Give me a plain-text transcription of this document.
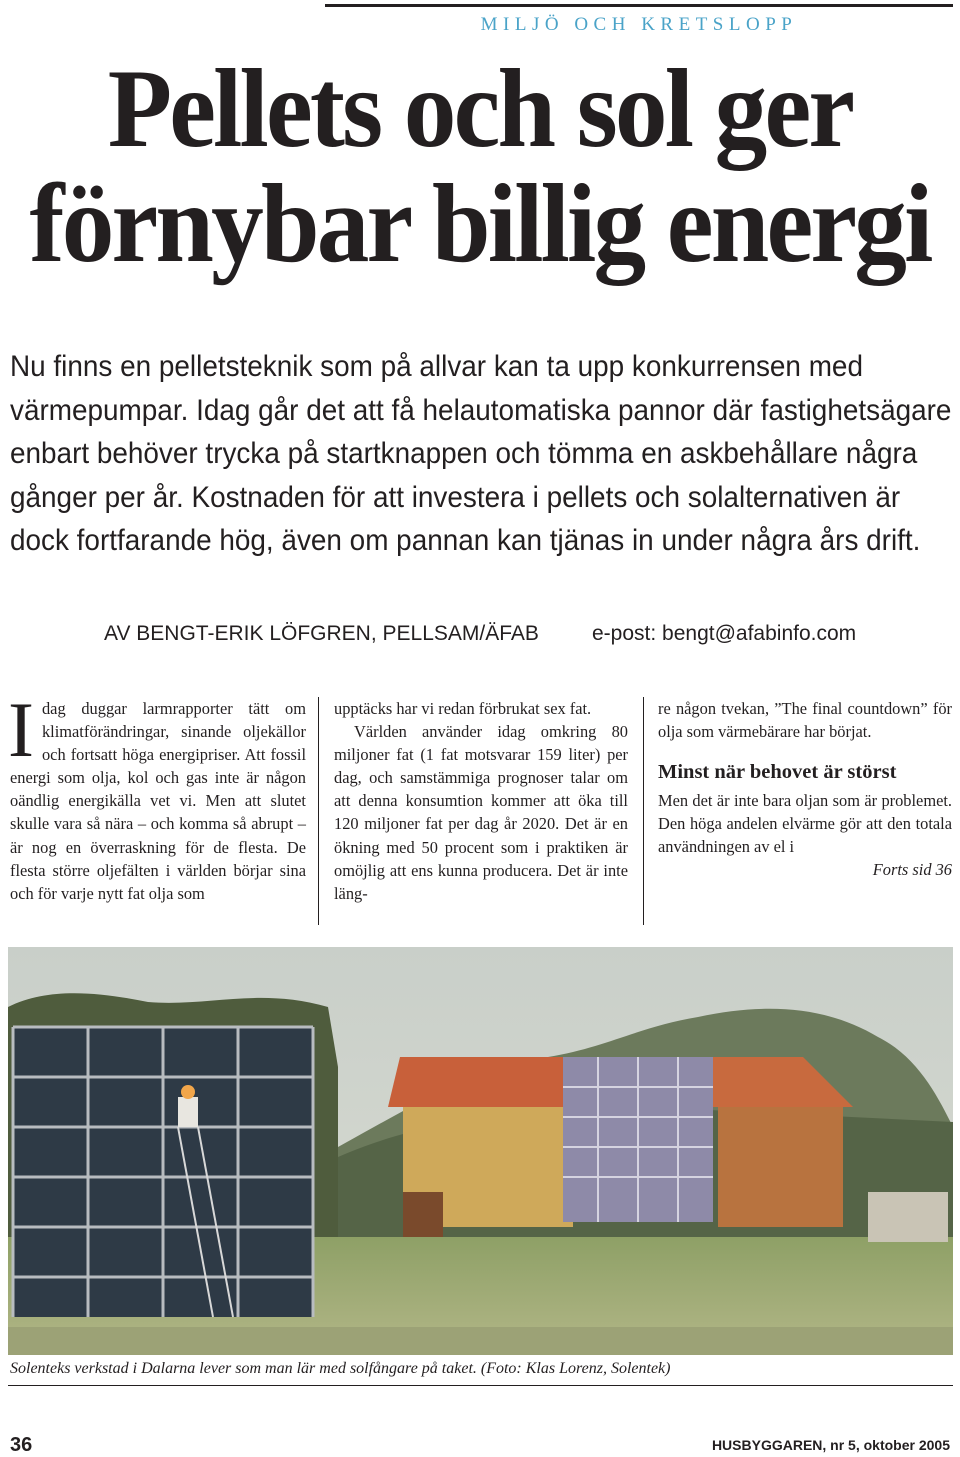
MILJÖ OCH KRETSLOPP
Pellets och sol ger
förnybar billig energi

Nu finns en pelletsteknik som på allvar kan ta upp konkurrensen med värmepumpar. Idag går det att få helautomatiska pannor där fastighetsägare enbart behöver trycka på startknappen och tömma en askbehållare några gånger per år. Kostnaden för att investera i pellets och solalternativen är dock fortfarande hög, även om pannan kan tjänas in under några års drift.

AV BENGT-ERIK LÖFGREN, PELLSAM/ÄFAB	e-post: bengt@afabinfo.com
I dag duggar larmrapporter tätt om klimatförändringar, sinande oljekällor och fortsatt höga energipriser. Att fossil energi som olja, kol och gas inte är någon oändlig energikälla vet vi. Men att slutet skulle vara så nära – och komma så abrupt – är nog en överraskning för de flesta. De flesta större oljefälten i världen börjar sina och för varje nytt fat olja som

upptäcks har vi redan förbrukat sex fat.

Världen använder idag omkring 80 miljoner fat (1 fat motsvarar 159 liter) per dag, och samstämmiga prognoser talar om att denna konsumtion kommer att öka till 120 miljoner fat per dag år 2020. Det är en ökning med 50 procent som i praktiken är omöjlig att ens kunna producera. Det är inte läng-

re någon tvekan, ”The final countdown” för olja som värmebärare har börjat.

Minst när behovet är störst

Men det är inte bara oljan som är problemet. Den höga andelen elvärme gör att den totala användningen av el i

Forts sid 36

Solenteks verkstad i Dalarna lever som man lär med solfångare på taket. (Foto: Klas Lorenz, Solentek)
36	HUSBYGGAREN, nr 5, oktober 2005
